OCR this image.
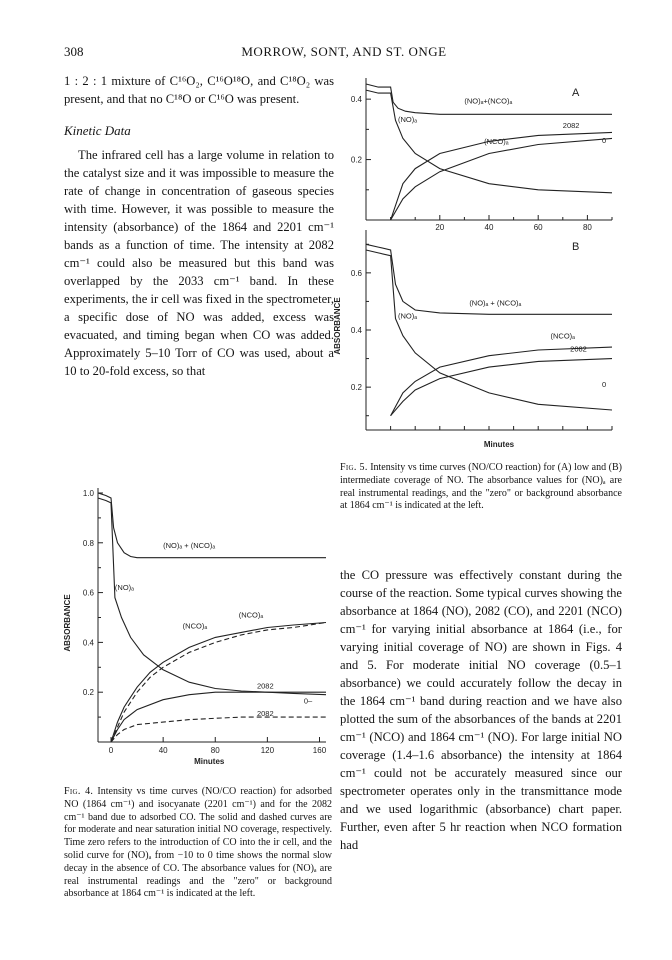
308	MORROW, SONT, AND ST. ONGE

1 : 2 : 1 mixture of C¹⁶O₂, C¹⁶O¹⁸O, and C¹⁸O₂ was present, and that no C¹⁸O or C¹⁶O was present.

Kinetic Data

The infrared cell has a large volume in relation to the catalyst size and it was impossible to measure the rate of change in concentration of gaseous species with time. However, it was possible to measure the intensity (absorbance) of the 1864 and 2201 cm⁻¹ bands as a function of time. The intensity at 2082 cm⁻¹ could also be measured but this band was overlapped by the 2033 cm⁻¹ band. In these experiments, the ir cell was fixed in the spectrometer, a specific dose of NO was added, excess was evacuated, and timing began when CO was added. Approximately 5–10 Torr of CO was used, about a 10 to 20-fold excess, so that

0.2
0.4
20	40	60	80
A
(NO)ₐ+(NCO)ₐ
(NO)ₐ
2082
(NCO)ₐ	0
0.2
0.4
0.6
Minutes
ABSORBANCE
B
(NO)ₐ + (NCO)ₐ
(NO)ₐ
(NCO)ₐ
2082
0
Fig. 5. Intensity vs time curves (NO/CO reaction) for (A) low and (B) intermediate coverage of NO. The absorbance values for (NO)ₐ are real instrumental readings, and the "zero" or background absorbance at 1864 cm⁻¹ is indicated at the left.
0.2
0.4
0.6
0.8
1.0
0	40	80	120	160
Minutes
ABSORBANCE
(NO)ₐ + (NCO)ₐ
(NO)ₐ
(NCO)ₐ
(NCO)ₐ
2082
2082
0–
Fig. 4. Intensity vs time curves (NO/CO reaction) for adsorbed NO (1864 cm⁻¹) and isocyanate (2201 cm⁻¹) and for the 2082 cm⁻¹ band due to adsorbed CO. The solid and dashed curves are for moderate and near saturation initial NO coverage, respectively. Time zero refers to the introduction of CO into the ir cell, and the solid curve for (NO)ₐ from −10 to 0 time shows the normal slow decay in the absence of CO. The absorbance values for (NO)ₐ are real instrumental readings and the "zero" or background absorbance at 1864 cm⁻¹ is indicated at the left.

the CO pressure was effectively constant during the course of the reaction. Some typical curves showing the absorbance at 1864 (NO), 2082 (CO), and 2201 (NCO) cm⁻¹ for varying initial absorbance at 1864 (i.e., for varying initial coverage of NO) are shown in Figs. 4 and 5. For moderate initial NO coverage (0.5–1 absorbance) we could accurately follow the decay in the 1864 cm⁻¹ band during reaction and we have also plotted the sum of the absorbances of the bands at 2201 cm⁻¹ (NCO) and 1864 cm⁻¹ (NO). For large initial NO coverage (1.4–1.6 absorbance) the intensity at 1864 cm⁻¹ could not be accurately measured since our spectrometer operates only in the transmittance mode and we used logarithmic (absorbance) chart paper. Further, even after 5 hr reaction when NCO formation had
